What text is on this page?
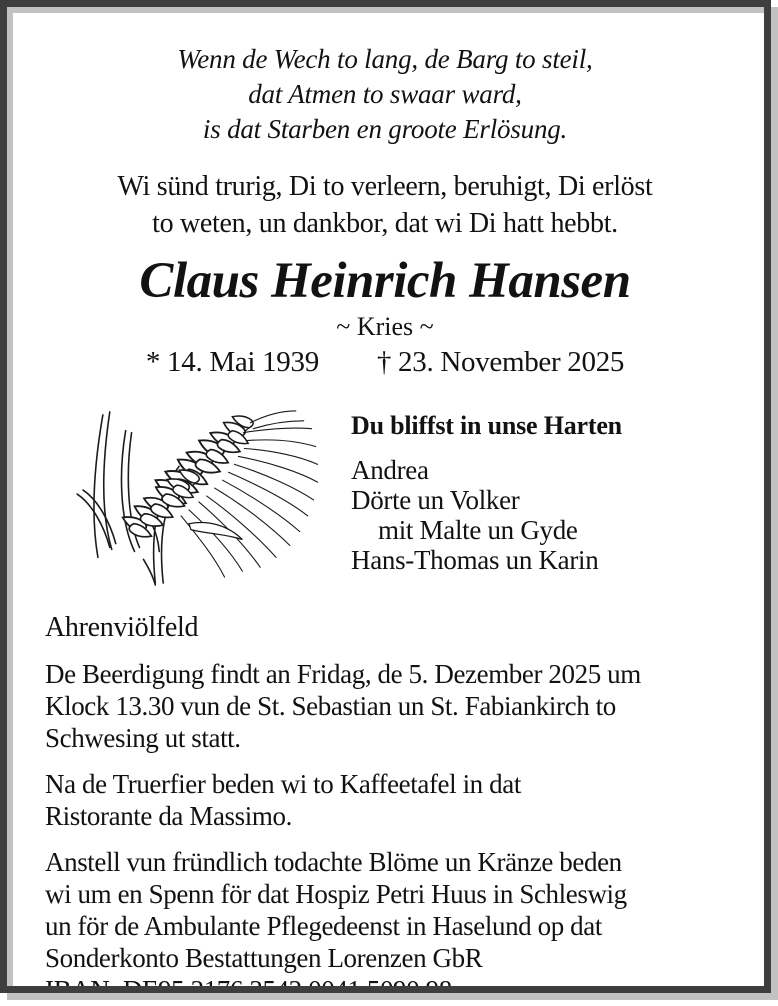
Wenn de Wech to lang, de Barg to steil,
dat Atmen to swaar ward,
is dat Starben en groote Erlösung.
Wi sünd trurig, Di to verleern, beruhigt, Di erlöst
to weten, un dankbor, dat wi Di hatt hebbt.
Claus Heinrich Hansen
~ Kries ~
* 14. Mai 1939 † 23. November 2025
Du bliffst in unse Harten
Andrea
Dörte un Volker
mit Malte un Gyde
Hans-Thomas un Karin
Ahrenviölfeld
De Beerdigung findt an Fridag, de 5. Dezember 2025 um
Klock 13.30 vun de St. Sebastian un St. Fabiankirch to
Schwesing ut statt.
Na de Truerfier beden wi to Kaffeetafel in dat
Ristorante da Massimo.
Anstell vun fründlich todachte Blöme un Kränze beden
wi um en Spenn för dat Hospiz Petri Huus in Schleswig
un för de Ambulante Pflegedeenst in Haselund op dat
Sonderkonto Bestattungen Lorenzen GbR
IBAN: DE95 2176 3542 0041 5090 98.
